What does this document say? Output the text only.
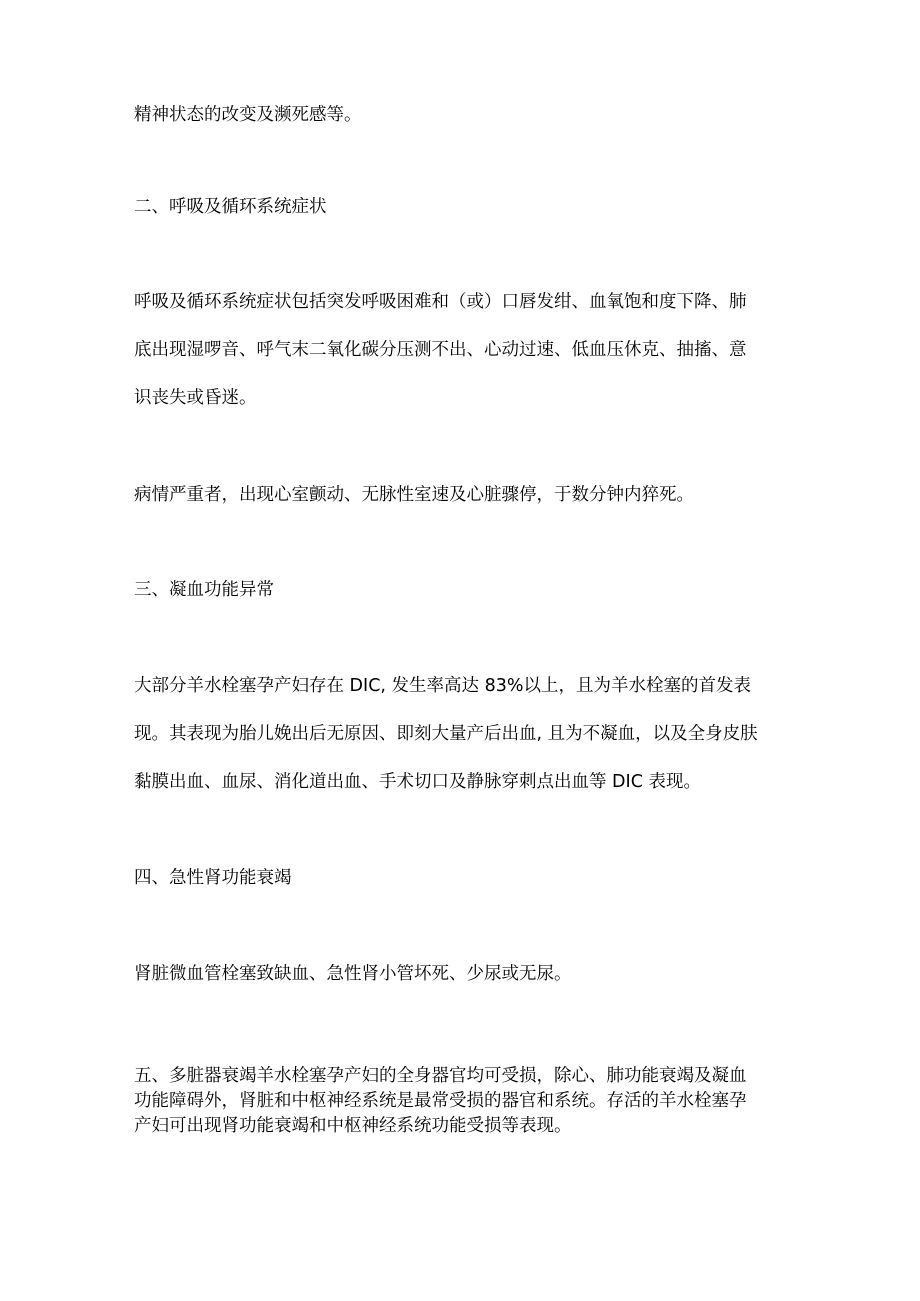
精神状态的改变及濒死感等。

二、呼吸及循环系统症状

呼吸及循环系统症状包括突发呼吸困难和（或）口唇发绀、血氧饱和度下降、肺
底出现湿啰音、呼气末二氧化碳分压测不出、心动过速、低血压休克、抽搐、意
识丧失或昏迷。

病情严重者，出现心室颤动、无脉性室速及心脏骤停，于数分钟内猝死。

三、凝血功能异常

大部分羊水栓塞孕产妇存在 DIC, 发生率高达 83%以上，且为羊水栓塞的首发表
现。其表现为胎儿娩出后无原因、即刻大量产后出血, 且为不凝血，以及全身皮肤
黏膜出血、血尿、消化道出血、手术切口及静脉穿刺点出血等 DIC 表现。

四、急性肾功能衰竭

肾脏微血管栓塞致缺血、急性肾小管坏死、少尿或无尿。

五、多脏器衰竭羊水栓塞孕产妇的全身器官均可受损，除心、肺功能衰竭及凝血
功能障碍外，肾脏和中枢神经系统是最常受损的器官和系统。存活的羊水栓塞孕
产妇可出现肾功能衰竭和中枢神经系统功能受损等表现。
